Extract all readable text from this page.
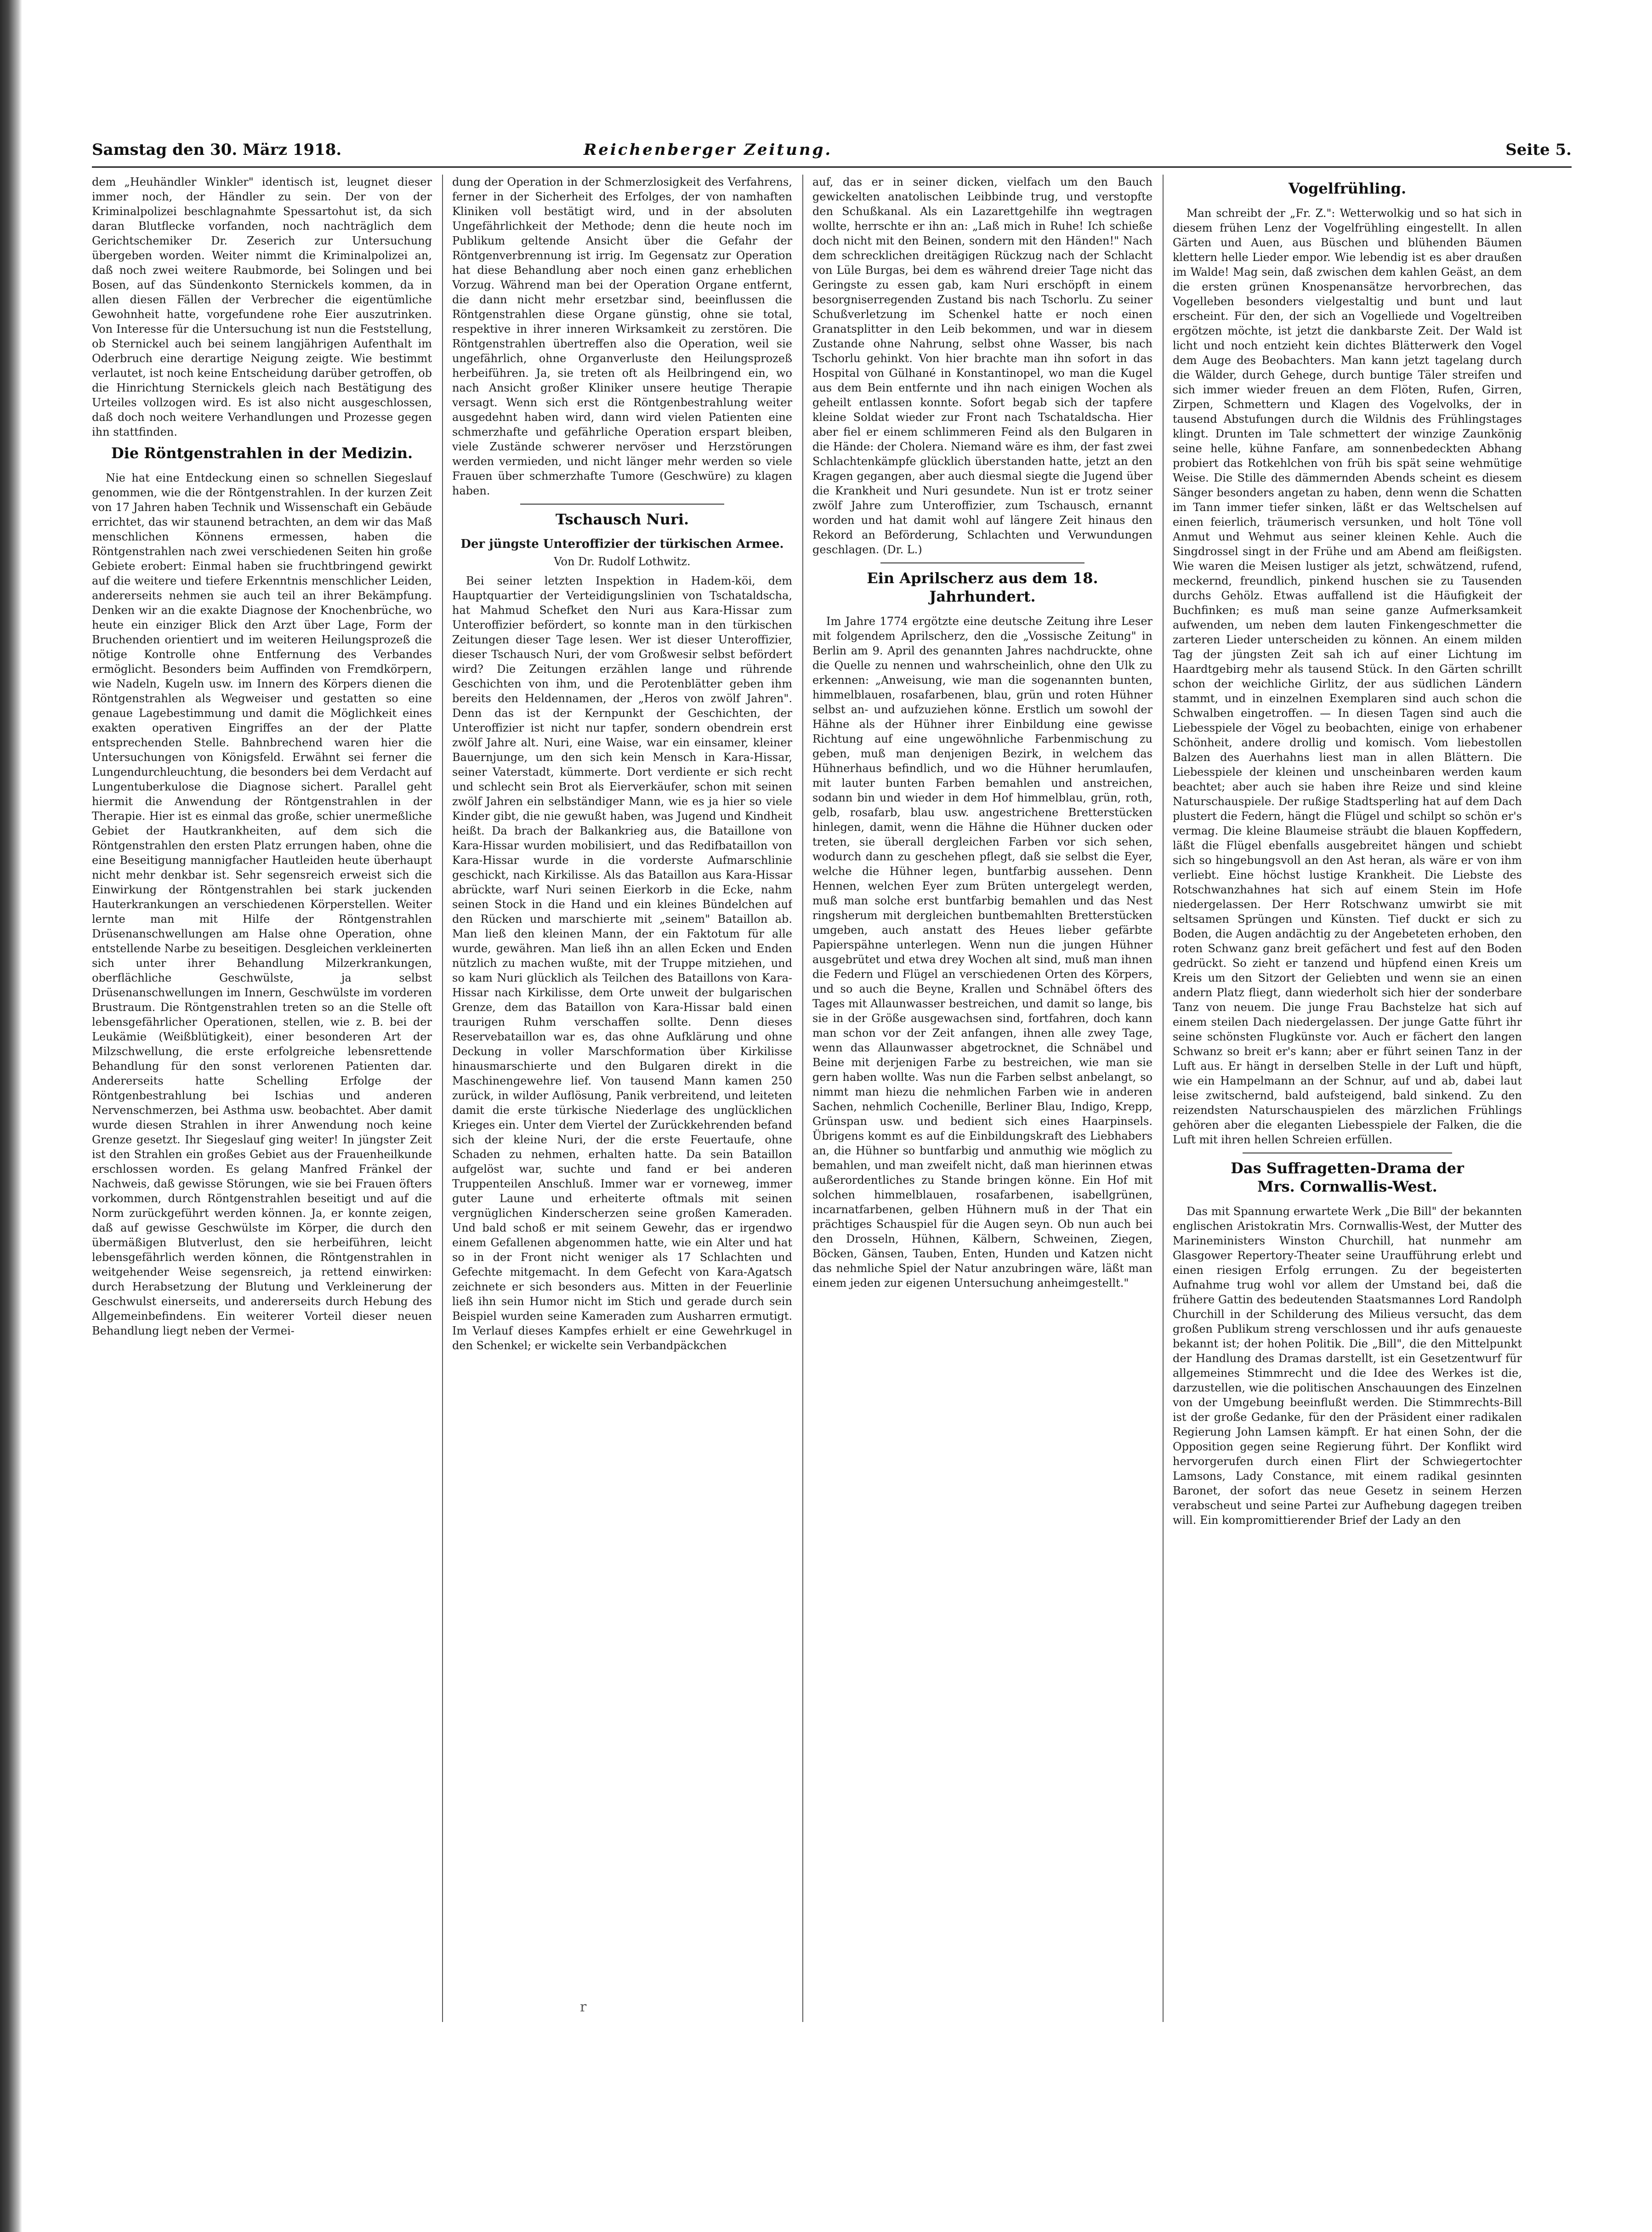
Samstag den 30. März 1918.	Reichenberger Zeitung.	Seite 5.

dem „Heuhändler Winkler" identisch ist, leugnet dieser immer noch, der Händler zu sein. Der von der Kriminalpolizei beschlagnahmte Spessartohut ist, da sich daran Blutflecke vorfanden, noch nachträglich dem Gerichtschemiker Dr. Zeserich zur Untersuchung übergeben worden. Weiter nimmt die Kriminalpolizei an, daß noch zwei weitere Raubmorde, bei Solingen und bei Bosen, auf das Sündenkonto Sternickels kommen, da in allen diesen Fällen der Verbrecher die eigentümliche Gewohnheit hatte, vorgefundene rohe Eier auszutrinken. Von Interesse für die Untersuchung ist nun die Feststellung, ob Sternickel auch bei seinem langjährigen Aufenthalt im Oderbruch eine derartige Neigung zeigte. Wie bestimmt verlautet, ist noch keine Entscheidung darüber getroffen, ob die Hinrichtung Sternickels gleich nach Bestätigung des Urteiles vollzogen wird. Es ist also nicht ausgeschlossen, daß doch noch weitere Verhandlungen und Prozesse gegen ihn stattfinden.

Die Röntgenstrahlen in der Medizin.

Nie hat eine Entdeckung einen so schnellen Siegeslauf genommen, wie die der Röntgenstrahlen. In der kurzen Zeit von 17 Jahren haben Technik und Wissenschaft ein Gebäude errichtet, das wir staunend betrachten, an dem wir das Maß menschlichen Könnens ermessen, haben die Röntgenstrahlen nach zwei verschiedenen Seiten hin große Gebiete erobert: Einmal haben sie fruchtbringend gewirkt auf die weitere und tiefere Erkenntnis menschlicher Leiden, andererseits nehmen sie auch teil an ihrer Bekämpfung. Denken wir an die exakte Diagnose der Knochenbrüche, wo heute ein einziger Blick den Arzt über Lage, Form der Bruchenden orientiert und im weiteren Heilungsprozeß die nötige Kontrolle ohne Entfernung des Verbandes ermöglicht. Besonders beim Auffinden von Fremdkörpern, wie Nadeln, Kugeln usw. im Innern des Körpers dienen die Röntgenstrahlen als Wegweiser und gestatten so eine genaue Lagebestimmung und damit die Möglichkeit eines exakten operativen Eingriffes an der der Platte entsprechenden Stelle. Bahnbrechend waren hier die Untersuchungen von Königsfeld. Erwähnt sei ferner die Lungendurchleuchtung, die besonders bei dem Verdacht auf Lungentuberkulose die Diagnose sichert. Parallel geht hiermit die Anwendung der Röntgenstrahlen in der Therapie. Hier ist es einmal das große, schier unermeßliche Gebiet der Hautkrankheiten, auf dem sich die Röntgenstrahlen den ersten Platz errungen haben, ohne die eine Beseitigung mannigfacher Hautleiden heute überhaupt nicht mehr denkbar ist. Sehr segensreich erweist sich die Einwirkung der Röntgenstrahlen bei stark juckenden Hauterkrankungen an verschiedenen Körperstellen. Weiter lernte man mit Hilfe der Röntgenstrahlen Drüsenanschwellungen am Halse ohne Operation, ohne entstellende Narbe zu beseitigen. Desgleichen verkleinerten sich unter ihrer Behandlung Milzerkrankungen, oberflächliche Geschwülste, ja selbst Drüsenanschwellungen im Innern, Geschwülste im vorderen Brustraum. Die Röntgenstrahlen treten so an die Stelle oft lebensgefährlicher Operationen, stellen, wie z. B. bei der Leukämie (Weißblütigkeit), einer besonderen Art der Milzschwellung, die erste erfolgreiche lebensrettende Behandlung für den sonst verlorenen Patienten dar. Andererseits hatte Schelling Erfolge der Röntgenbestrahlung bei Ischias und anderen Nervenschmerzen, bei Asthma usw. beobachtet. Aber damit wurde diesen Strahlen in ihrer Anwendung noch keine Grenze gesetzt. Ihr Siegeslauf ging weiter! In jüngster Zeit ist den Strahlen ein großes Gebiet aus der Frauenheilkunde erschlossen worden. Es gelang Manfred Fränkel der Nachweis, daß gewisse Störungen, wie sie bei Frauen öfters vorkommen, durch Röntgenstrahlen beseitigt und auf die Norm zurückgeführt werden können. Ja, er konnte zeigen, daß auf gewisse Geschwülste im Körper, die durch den übermäßigen Blutverlust, den sie herbeiführen, leicht lebensgefährlich werden können, die Röntgenstrahlen in weitgehender Weise segensreich, ja rettend einwirken: durch Herabsetzung der Blutung und Verkleinerung der Geschwulst einerseits, und andererseits durch Hebung des Allgemeinbefindens. Ein weiterer Vorteil dieser neuen Behandlung liegt neben der Vermei-

dung der Operation in der Schmerzlosigkeit des Verfahrens, ferner in der Sicherheit des Erfolges, der von namhaften Kliniken voll bestätigt wird, und in der absoluten Ungefährlichkeit der Methode; denn die heute noch im Publikum geltende Ansicht über die Gefahr der Röntgenverbrennung ist irrig. Im Gegensatz zur Operation hat diese Behandlung aber noch einen ganz erheblichen Vorzug. Während man bei der Operation Organe entfernt, die dann nicht mehr ersetzbar sind, beeinflussen die Röntgenstrahlen diese Organe günstig, ohne sie total, respektive in ihrer inneren Wirksamkeit zu zerstören. Die Röntgenstrahlen übertreffen also die Operation, weil sie ungefährlich, ohne Organverluste den Heilungsprozeß herbeiführen. Ja, sie treten oft als Heilbringend ein, wo nach Ansicht großer Kliniker unsere heutige Therapie versagt. Wenn sich erst die Röntgenbestrahlung weiter ausgedehnt haben wird, dann wird vielen Patienten eine schmerzhafte und gefährliche Operation erspart bleiben, viele Zustände schwerer nervöser und Herzstörungen werden vermieden, und nicht länger mehr werden so viele Frauen über schmerzhafte Tumore (Geschwüre) zu klagen haben.

Tschausch Nuri.
Der jüngste Unteroffizier der türkischen Armee.

Von Dr. Rudolf Lothwitz.

Bei seiner letzten Inspektion in Hadem-köi, dem Hauptquartier der Verteidigungslinien von Tschataldscha, hat Mahmud Schefket den Nuri aus Kara-Hissar zum Unteroffizier befördert, so konnte man in den türkischen Zeitungen dieser Tage lesen. Wer ist dieser Unteroffizier, dieser Tschausch Nuri, der vom Großwesir selbst befördert wird? Die Zeitungen erzählen lange und rührende Geschichten von ihm, und die Perotenblätter geben ihm bereits den Heldennamen, der „Heros von zwölf Jahren". Denn das ist der Kernpunkt der Geschichten, der Unteroffizier ist nicht nur tapfer, sondern obendrein erst zwölf Jahre alt. Nuri, eine Waise, war ein einsamer, kleiner Bauernjunge, um den sich kein Mensch in Kara-Hissar, seiner Vaterstadt, kümmerte. Dort verdiente er sich recht und schlecht sein Brot als Eierverkäufer, schon mit seinen zwölf Jahren ein selbständiger Mann, wie es ja hier so viele Kinder gibt, die nie gewußt haben, was Jugend und Kindheit heißt. Da brach der Balkankrieg aus, die Bataillone von Kara-Hissar wurden mobilisiert, und das Redifbataillon von Kara-Hissar wurde in die vorderste Aufmarschlinie geschickt, nach Kirkilisse. Als das Bataillon aus Kara-Hissar abrückte, warf Nuri seinen Eierkorb in die Ecke, nahm seinen Stock in die Hand und ein kleines Bündelchen auf den Rücken und marschierte mit „seinem" Bataillon ab. Man ließ den kleinen Mann, der ein Faktotum für alle wurde, gewähren. Man ließ ihn an allen Ecken und Enden nützlich zu machen wußte, mit der Truppe mitziehen, und so kam Nuri glücklich als Teilchen des Bataillons von Kara-Hissar nach Kirkilisse, dem Orte unweit der bulgarischen Grenze, dem das Bataillon von Kara-Hissar bald einen traurigen Ruhm verschaffen sollte. Denn dieses Reservebataillon war es, das ohne Aufklärung und ohne Deckung in voller Marschformation über Kirkilisse hinausmarschierte und den Bulgaren direkt in die Maschinengewehre lief. Von tausend Mann kamen 250 zurück, in wilder Auflösung, Panik verbreitend, und leiteten damit die erste türkische Niederlage des unglücklichen Krieges ein. Unter dem Viertel der Zurückkehrenden befand sich der kleine Nuri, der die erste Feuertaufe, ohne Schaden zu nehmen, erhalten hatte. Da sein Bataillon aufgelöst war, suchte und fand er bei anderen Truppenteilen Anschluß. Immer war er vorneweg, immer guter Laune und erheiterte oftmals mit seinen vergnüglichen Kinderscherzen seine großen Kameraden. Und bald schoß er mit seinem Gewehr, das er irgendwo einem Gefallenen abgenommen hatte, wie ein Alter und hat so in der Front nicht weniger als 17 Schlachten und Gefechte mitgemacht. In dem Gefecht von Kara-Agatsch zeichnete er sich besonders aus. Mitten in der Feuerlinie ließ ihn sein Humor nicht im Stich und gerade durch sein Beispiel wurden seine Kameraden zum Ausharren ermutigt. Im Verlauf dieses Kampfes erhielt er eine Gewehrkugel in den Schenkel; er wickelte sein Verbandpäckchen

auf, das er in seiner dicken, vielfach um den Bauch gewickelten anatolischen Leibbinde trug, und verstopfte den Schußkanal. Als ein Lazarettgehilfe ihn wegtragen wollte, herrschte er ihn an: „Laß mich in Ruhe! Ich schieße doch nicht mit den Beinen, sondern mit den Händen!" Nach dem schrecklichen dreitägigen Rückzug nach der Schlacht von Lüle Burgas, bei dem es während dreier Tage nicht das Geringste zu essen gab, kam Nuri erschöpft in einem besorgniserregenden Zustand bis nach Tschorlu. Zu seiner Schußverletzung im Schenkel hatte er noch einen Granatsplitter in den Leib bekommen, und war in diesem Zustande ohne Nahrung, selbst ohne Wasser, bis nach Tschorlu gehinkt. Von hier brachte man ihn sofort in das Hospital von Gülhané in Konstantinopel, wo man die Kugel aus dem Bein entfernte und ihn nach einigen Wochen als geheilt entlassen konnte. Sofort begab sich der tapfere kleine Soldat wieder zur Front nach Tschataldscha. Hier aber fiel er einem schlimmeren Feind als den Bulgaren in die Hände: der Cholera. Niemand wäre es ihm, der fast zwei Schlachtenkämpfe glücklich überstanden hatte, jetzt an den Kragen gegangen, aber auch diesmal siegte die Jugend über die Krankheit und Nuri gesundete. Nun ist er trotz seiner zwölf Jahre zum Unteroffizier, zum Tschausch, ernannt worden und hat damit wohl auf längere Zeit hinaus den Rekord an Beförderung, Schlachten und Verwundungen geschlagen. (Dr. L.)

Ein Aprilscherz aus dem 18. Jahrhundert.

Im Jahre 1774 ergötzte eine deutsche Zeitung ihre Leser mit folgendem Aprilscherz, den die „Vossische Zeitung" in Berlin am 9. April des genannten Jahres nachdruckte, ohne die Quelle zu nennen und wahrscheinlich, ohne den Ulk zu erkennen: „Anweisung, wie man die sogenannten bunten, himmelblauen, rosafarbenen, blau, grün und roten Hühner selbst an- und aufzuziehen könne. Erstlich um sowohl der Hähne als der Hühner ihrer Einbildung eine gewisse Richtung auf eine ungewöhnliche Farbenmischung zu geben, muß man denjenigen Bezirk, in welchem das Hühnerhaus befindlich, und wo die Hühner herumlaufen, mit lauter bunten Farben bemahlen und anstreichen, sodann bin und wieder in dem Hof himmelblau, grün, roth, gelb, rosafarb, blau usw. angestrichene Bretterstücken hinlegen, damit, wenn die Hähne die Hühner ducken oder treten, sie überall dergleichen Farben vor sich sehen, wodurch dann zu geschehen pflegt, daß sie selbst die Eyer, welche die Hühner legen, buntfarbig aussehen. Denn Hennen, welchen Eyer zum Brüten untergelegt werden, muß man solche erst buntfarbig bemahlen und das Nest ringsherum mit dergleichen buntbemahlten Bretterstücken umgeben, auch anstatt des Heues lieber gefärbte Papierspähne unterlegen. Wenn nun die jungen Hühner ausgebrütet und etwa drey Wochen alt sind, muß man ihnen die Federn und Flügel an verschiedenen Orten des Körpers, und so auch die Beyne, Krallen und Schnäbel öfters des Tages mit Allaunwasser bestreichen, und damit so lange, bis sie in der Größe ausgewachsen sind, fortfahren, doch kann man schon vor der Zeit anfangen, ihnen alle zwey Tage, wenn das Allaunwasser abgetrocknet, die Schnäbel und Beine mit derjenigen Farbe zu bestreichen, wie man sie gern haben wollte. Was nun die Farben selbst anbelangt, so nimmt man hiezu die nehmlichen Farben wie in anderen Sachen, nehmlich Cochenille, Berliner Blau, Indigo, Krepp, Grünspan usw. und bedient sich eines Haarpinsels. Übrigens kommt es auf die Einbildungskraft des Liebhabers an, die Hühner so buntfarbig und anmuthig wie möglich zu bemahlen, und man zweifelt nicht, daß man hierinnen etwas außerordentliches zu Stande bringen könne. Ein Hof mit solchen himmelblauen, rosafarbenen, isabellgrünen, incarnatfarbenen, gelben Hühnern muß in der That ein prächtiges Schauspiel für die Augen seyn. Ob nun auch bei den Drosseln, Hühnen, Kälbern, Schweinen, Ziegen, Böcken, Gänsen, Tauben, Enten, Hunden und Katzen nicht das nehmliche Spiel der Natur anzubringen wäre, läßt man einem jeden zur eigenen Untersuchung anheimgestellt."

Vogelfrühling.

Man schreibt der „Fr. Z.": Wetterwolkig und so hat sich in diesem frühen Lenz der Vogelfrühling eingestellt. In allen Gärten und Auen, aus Büschen und blühenden Bäumen klettern helle Lieder empor. Wie lebendig ist es aber draußen im Walde! Mag sein, daß zwischen dem kahlen Geäst, an dem die ersten grünen Knospenansätze hervorbrechen, das Vogelleben besonders vielgestaltig und bunt und laut erscheint. Für den, der sich an Vogelliede und Vogeltreiben ergötzen möchte, ist jetzt die dankbarste Zeit. Der Wald ist licht und noch entzieht kein dichtes Blätterwerk den Vogel dem Auge des Beobachters. Man kann jetzt tagelang durch die Wälder, durch Gehege, durch buntige Täler streifen und sich immer wieder freuen an dem Flöten, Rufen, Girren, Zirpen, Schmettern und Klagen des Vogelvolks, der in tausend Abstufungen durch die Wildnis des Frühlingstages klingt. Drunten im Tale schmettert der winzige Zaunkönig seine helle, kühne Fanfare, am sonnenbedeckten Abhang probiert das Rotkehlchen von früh bis spät seine wehmütige Weise. Die Stille des dämmernden Abends scheint es diesem Sänger besonders angetan zu haben, denn wenn die Schatten im Tann immer tiefer sinken, läßt er das Weltschelsen auf einen feierlich, träumerisch versunken, und holt Töne voll Anmut und Wehmut aus seiner kleinen Kehle. Auch die Singdrossel singt in der Frühe und am Abend am fleißigsten. Wie waren die Meisen lustiger als jetzt, schwätzend, rufend, meckernd, freundlich, pinkend huschen sie zu Tausenden durchs Gehölz. Etwas auffallend ist die Häufigkeit der Buchfinken; es muß man seine ganze Aufmerksamkeit aufwenden, um neben dem lauten Finkengeschmetter die zarteren Lieder unterscheiden zu können. An einem milden Tag der jüngsten Zeit sah ich auf einer Lichtung im Haardtgebirg mehr als tausend Stück. In den Gärten schrillt schon der weichliche Girlitz, der aus südlichen Ländern stammt, und in einzelnen Exemplaren sind auch schon die Schwalben eingetroffen. — In diesen Tagen sind auch die Liebesspiele der Vögel zu beobachten, einige von erhabener Schönheit, andere drollig und komisch. Vom liebestollen Balzen des Auerhahns liest man in allen Blättern. Die Liebesspiele der kleinen und unscheinbaren werden kaum beachtet; aber auch sie haben ihre Reize und sind kleine Naturschauspiele. Der rußige Stadtsperling hat auf dem Dach plustert die Federn, hängt die Flügel und schilpt so schön er's vermag. Die kleine Blaumeise sträubt die blauen Kopffedern, läßt die Flügel ebenfalls ausgebreitet hängen und schiebt sich so hingebungsvoll an den Ast heran, als wäre er von ihm verliebt. Eine höchst lustige Krankheit. Die Liebste des Rotschwanzhahnes hat sich auf einem Stein im Hofe niedergelassen. Der Herr Rotschwanz umwirbt sie mit seltsamen Sprüngen und Künsten. Tief duckt er sich zu Boden, die Augen andächtig zu der Angebeteten erhoben, den roten Schwanz ganz breit gefächert und fest auf den Boden gedrückt. So zieht er tanzend und hüpfend einen Kreis um Kreis um den Sitzort der Geliebten und wenn sie an einen andern Platz fliegt, dann wiederholt sich hier der sonderbare Tanz von neuem. Die junge Frau Bachstelze hat sich auf einem steilen Dach niedergelassen. Der junge Gatte führt ihr seine schönsten Flugkünste vor. Auch er fächert den langen Schwanz so breit er's kann; aber er führt seinen Tanz in der Luft aus. Er hängt in derselben Stelle in der Luft und hüpft, wie ein Hampelmann an der Schnur, auf und ab, dabei laut leise zwitschernd, bald aufsteigend, bald sinkend. Zu den reizendsten Naturschauspielen des märzlichen Frühlings gehören aber die eleganten Liebesspiele der Falken, die die Luft mit ihren hellen Schreien erfüllen.

Das Suffragetten-Drama der
Mrs. Cornwallis-West.

Das mit Spannung erwartete Werk „Die Bill" der bekannten englischen Aristokratin Mrs. Cornwallis-West, der Mutter des Marineministers Winston Churchill, hat nunmehr am Glasgower Repertory-Theater seine Uraufführung erlebt und einen riesigen Erfolg errungen. Zu der begeisterten Aufnahme trug wohl vor allem der Umstand bei, daß die frühere Gattin des bedeutenden Staatsmannes Lord Randolph Churchill in der Schilderung des Milieus versucht, das dem großen Publikum streng verschlossen und ihr aufs genaueste bekannt ist; der hohen Politik. Die „Bill", die den Mittelpunkt der Handlung des Dramas darstellt, ist ein Gesetzentwurf für allgemeines Stimmrecht und die Idee des Werkes ist die, darzustellen, wie die politischen Anschauungen des Einzelnen von der Umgebung beeinflußt werden. Die Stimmrechts-Bill ist der große Gedanke, für den der Präsident einer radikalen Regierung John Lamsen kämpft. Er hat einen Sohn, der die Opposition gegen seine Regierung führt. Der Konflikt wird hervorgerufen durch einen Flirt der Schwiegertochter Lamsons, Lady Constance, mit einem radikal gesinnten Baronet, der sofort das neue Gesetz in seinem Herzen verabscheut und seine Partei zur Aufhebung dagegen treiben will. Ein kompromittierender Brief der Lady an den

r
